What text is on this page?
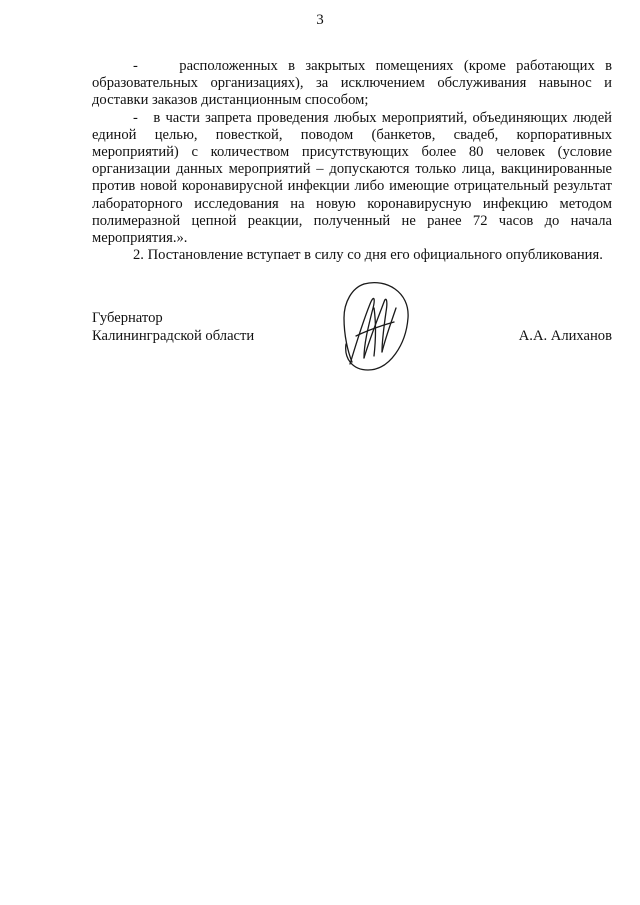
3

-    расположенных в закрытых помещениях (кроме работающих в образовательных организациях), за исключением обслуживания навынос и доставки заказов дистанционным способом;

-   в части запрета проведения любых мероприятий, объединяющих людей единой целью, повесткой, поводом (банкетов, свадеб, корпоративных мероприятий) с количеством присутствующих более 80 человек (условие организации данных мероприятий – допускаются только лица, вакцинированные против новой коронавирусной инфекции либо имеющие отрицательный результат лабораторного исследования на новую коронавирусную инфекцию методом полимеразной цепной реакции, полученный не ранее 72 часов до начала мероприятия.».

2. Постановление вступает в силу со дня его официального опубликования.

Губернатор
Калининградской области	А.А. Алиханов
